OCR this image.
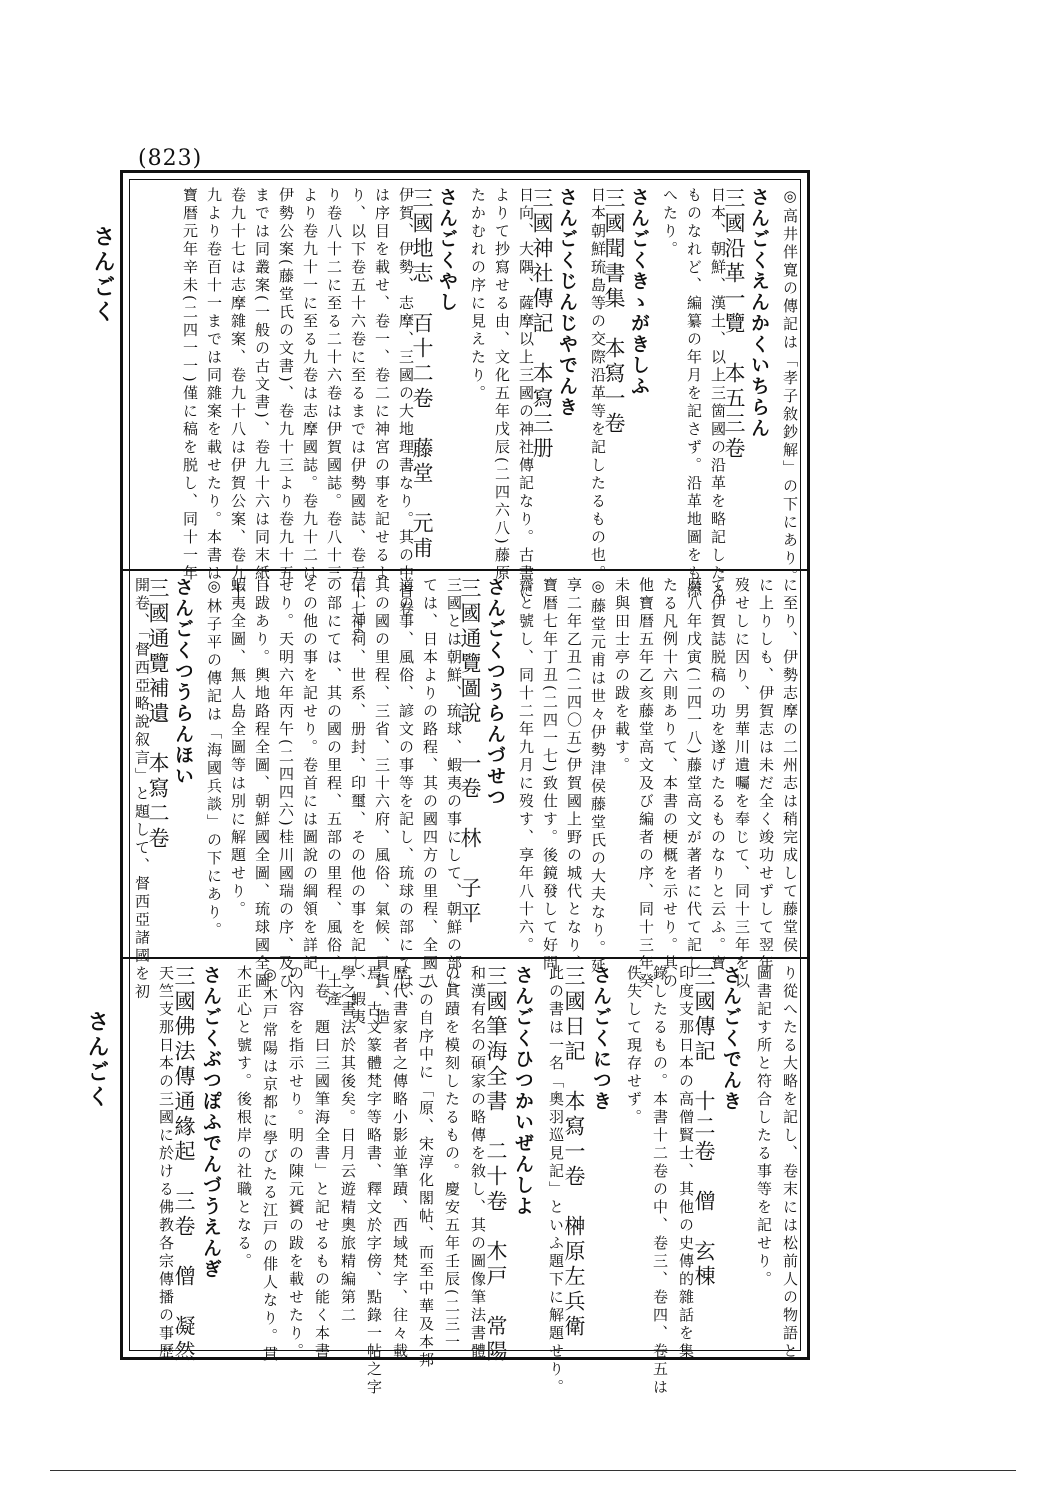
(823)
さんごく
さんごく
◎高井伴寛の傳記は「孝子敘鈔解」の下にあり。
さんごくえんかくいちらん
三國沿革一覽　本五三卷
日本、朝鮮、漢土、以上三箇國の沿革を略記したる
ものなれど、編纂の年月を記さず。沿革地圖をも添
へたり。
さんごくきゝがきしふ
三國聞書集　本寫一卷
日本朝鮮琉島等の交際沿革等を記したるもの也。
さんごくじんじやでんき
三國神社傳記　本寫三册
日向、大隅、薩摩以上三國の神社傳記なり。古書に
よりて抄寫せる由、文化五年戊辰(二四六八)藤原
たかむれの序に見えたり。
さんごくやし
三國地志　百十二卷　藤堂　元甫
伊賀、伊勢、志摩、三國の大地理書なり。其の中首卷
は序目を載せ、卷一、卷二に神宮の事を記せるよ
り、以下卷五十六卷に至るまでは伊勢國誌、卷五十七よ
り卷八十二に至る二十六卷は伊賀國誌。卷八十三
より卷九十一に至る九卷は志摩國誌。卷九十二は
伊勢公案(藤堂氏の文書)、卷九十三より卷九十五
までは同叢案(一般の古文書)、卷九十六は同末紙、
卷九十七は志摩雜案、卷九十八は伊賀公案、卷九十
九より卷百十一までは同雜案を載せたり。本書は
寶暦元年辛未(二四一一)僅に稿を脱し、同十一年
に至り、伊勢志摩の二州志は稍完成して藤堂侯
に上りしも、伊賀志は未だ全く竣功せずして翌年
歿せしに因り、男華川遺囑を奉じて、同十三年を以
て伊賀誌脱稿の功を遂げたるものなりと云ふ。寶
暦八年戊寅(二四一八)藤堂高文が著者に代て記し
たる凡例十六則ありて、本書の梗概を示せり。其の
他寶暦五年乙亥藤堂高文及び編者の序、同十三年癸
未與田士亭の跋を載す。
◎藤堂元甫は世々伊勢津侯藤堂氏の大夫なり。延
享二年乙丑(二四〇五)伊賀國上野の城代となり、
寶暦七年丁丑(二四一七)致仕す。後鏡發して好問
齋と號し、同十二年九月に歿す、享年八十六。
さんごくつうらんづせつ
三國通覽圖說　一卷　林　子平
三國とは朝鮮、琉球、蝦夷の事にして、朝鮮の部に
ては、日本よりの路程、其の國四方の里程、全國八
道の事、風俗、諺文の事等を記し、琉球の部にては、
其の國の里程、三省、三十六府、風俗、氣候、貢貨、造
信、神祠、世系、册封、印璽、その他の事を記し、蝦夷
の部にては、其の國の里程、五部の里程、風俗、土產
その他の事を記せり。卷首には圖說の綱領を詳記
せり。天明六年丙午(二四四六)桂川國瑞の序、及び
自跋あり。輿地路程全圖、朝鮮國全圖、琉球國全圖、
蝦夷全圖、無人島全圖等は別に解題せり。
◎林子平の傳記は「海國兵談」の下にあり。
さんごくつうらんほい
三國通覽補遺　本寫二卷
開卷、「督西亞略說叙言」と題して、督西亞諸國を初
り從へたる大略を記し、卷末には松前人の物語と
圖書記す所と符合したる事等を記せり。
さんごくでんき
三國傳記　十二卷　僧　玄棟
印度支那日本の高僧賢士、其他の史傳的雜話を集
錄したるもの。本書十二卷の中、卷三、卷四、卷五は
佚失して現存せず。
さんごくにつき
三國日記　本寫一卷　榊原左兵衛
此の書は一名「奧羽巡見記」といふ題下に解題せり。
さんごくひつかいぜんしよ
三國筆海全書　二十卷　木戸　常陽
和漢有名の碩家の略傳を敘し、其の圖像筆法書體
の眞蹟を模刻したるもの。慶安五年壬辰(二三一
二)の自序中に「原、宋淳化閣帖、而至中華及本邦
歷代書家者之傳略小影並筆蹟、西域梵字、往々載
焉。古文篆體梵字等略書、釋文於字傍、點錄一帖之字
學之書法於其後矣。日月云遊精奧旅精編第二
十卷、題曰三國筆海全書」と記せるもの能く本書
の內容を指示せり。明の陳元贇の跋を載せたり。
◎木戸常陽は京都に學びたる江戸の俳人なり。貫
木正心と號す。後根岸の社職となる。
さんごくぶつぽふでんづうえんぎ
三國佛法傳通緣起　三卷　僧　凝然
天竺支那日本の三國に於ける佛教各宗傳播の事歷
